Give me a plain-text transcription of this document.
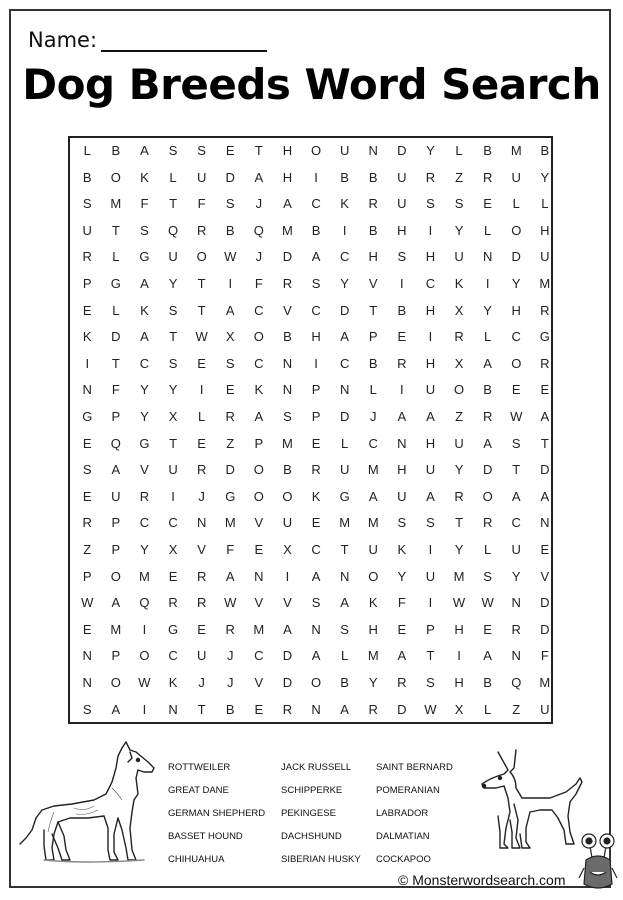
Name:
Dog Breeds Word Search
L	B	A	S	S	E	T	H	O	U	N	D	Y	L	B	M	B
B	O	K	L	U	D	A	H	I	B	B	U	R	Z	R	U	Y
S	M	F	T	F	S	J	A	C	K	R	U	S	S	E	L	L
U	T	S	Q	R	B	Q	M	B	I	B	H	I	Y	L	O	H
R	L	G	U	O	W	J	D	A	C	H	S	H	U	N	D	U
P	G	A	Y	T	I	F	R	S	Y	V	I	C	K	I	Y	M
E	L	K	S	T	A	C	V	C	D	T	B	H	X	Y	H	R
K	D	A	T	W	X	O	B	H	A	P	E	I	R	L	C	G
I	T	C	S	E	S	C	N	I	C	B	R	H	X	A	O	R
N	F	Y	Y	I	E	K	N	P	N	L	I	U	O	B	E	E
G	P	Y	X	L	R	A	S	P	D	J	A	A	Z	R	W	A
E	Q	G	T	E	Z	P	M	E	L	C	N	H	U	A	S	T
S	A	V	U	R	D	O	B	R	U	M	H	U	Y	D	T	D
E	U	R	I	J	G	O	O	K	G	A	U	A	R	O	A	A
R	P	C	C	N	M	V	U	E	M	M	S	S	T	R	C	N
Z	P	Y	X	V	F	E	X	C	T	U	K	I	Y	L	U	E
P	O	M	E	R	A	N	I	A	N	O	Y	U	M	S	Y	V
W	A	Q	R	R	W	V	V	S	A	K	F	I	W	W	N	D
E	M	I	G	E	R	M	A	N	S	H	E	P	H	E	R	D
N	P	O	C	U	J	C	D	A	L	M	A	T	I	A	N	F
N	O	W	K	J	J	V	D	O	B	Y	R	S	H	B	Q	M
S	A	I	N	T	B	E	R	N	A	R	D	W	X	L	Z	U
ROTTWEILER
GREAT DANE
GERMAN SHEPHERD
BASSET HOUND
CHIHUAHUA
JACK RUSSELL
SCHIPPERKE
PEKINGESE
DACHSHUND
SIBERIAN HUSKY
SAINT BERNARD
POMERANIAN
LABRADOR
DALMATIAN
COCKAPOO
© Monsterwordsearch.com
